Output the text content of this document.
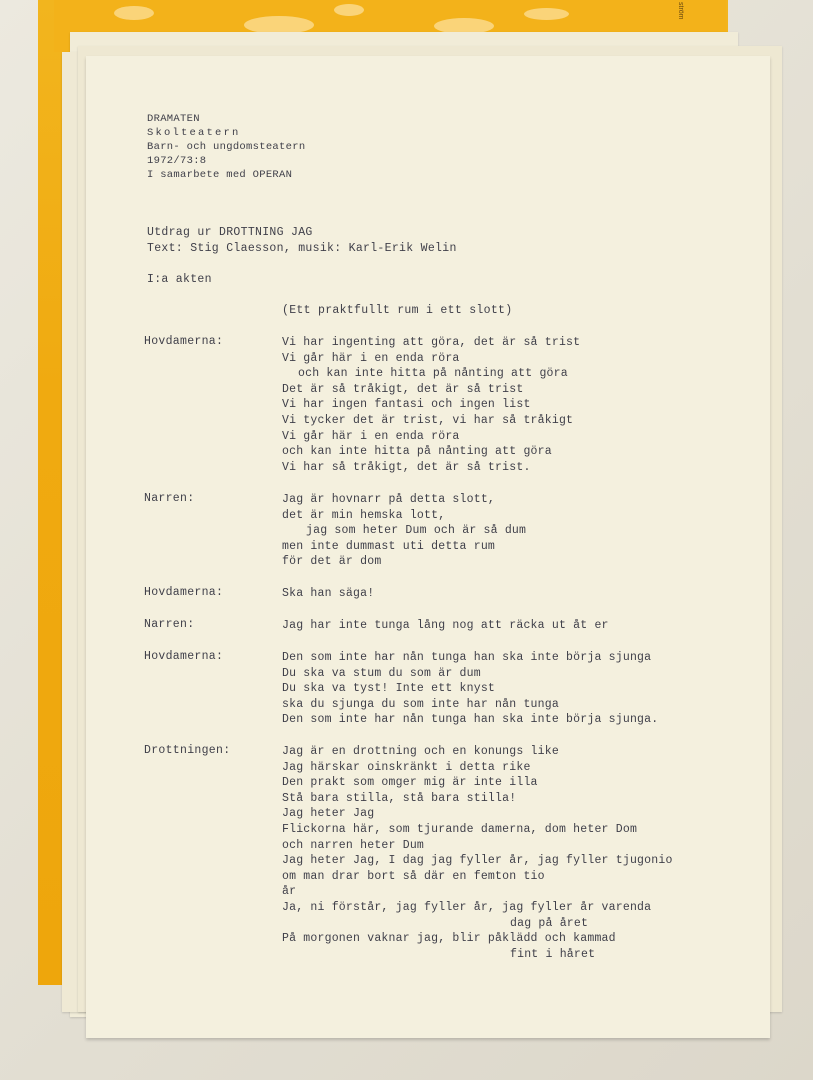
ström
DRAMATEN
Skolteatern
Barn- och ungdomsteatern
1972/73:8
I samarbete med OPERAN
Utdrag ur DROTTNING JAG
Text: Stig Claesson, musik: Karl-Erik Welin
I:a akten
(Ett praktfullt rum i ett slott)
Hovdamerna:	Vi har ingenting att göra, det är så trist
Vi går här i en enda röra
och kan inte hitta på nånting att göra
Det är så tråkigt, det är så trist
Vi har ingen fantasi och ingen list
Vi tycker det är trist, vi har så tråkigt
Vi går här i en enda röra
och kan inte hitta på nånting att göra
Vi har så tråkigt, det är så trist.
Narren:	Jag är hovnarr på detta slott,
det är min hemska lott,
jag som heter Dum och är så dum
men inte dummast uti detta rum
för det är dom
Hovdamerna:	Ska han säga!
Narren:	Jag har inte tunga lång nog att räcka ut åt er
Hovdamerna:	Den som inte har nån tunga han ska inte börja sjunga
Du ska va stum du som är dum
Du ska va tyst! Inte ett knyst
ska du sjunga du som inte har nån tunga
Den som inte har nån tunga han ska inte börja sjunga.
Drottningen:	Jag är en drottning och en konungs like
Jag härskar oinskränkt i detta rike
Den prakt som omger mig är inte illa
Stå bara stilla, stå bara stilla!
Jag heter Jag
Flickorna här, som tjurande damerna, dom heter Dom
och narren heter Dum
Jag heter Jag, I dag jag fyller år, jag fyller tjugonio
om man drar bort så där en femton tio
år
Ja, ni förstår, jag fyller år, jag fyller år varenda
dag på året
På morgonen vaknar jag, blir påklädd och kammad
fint i håret
